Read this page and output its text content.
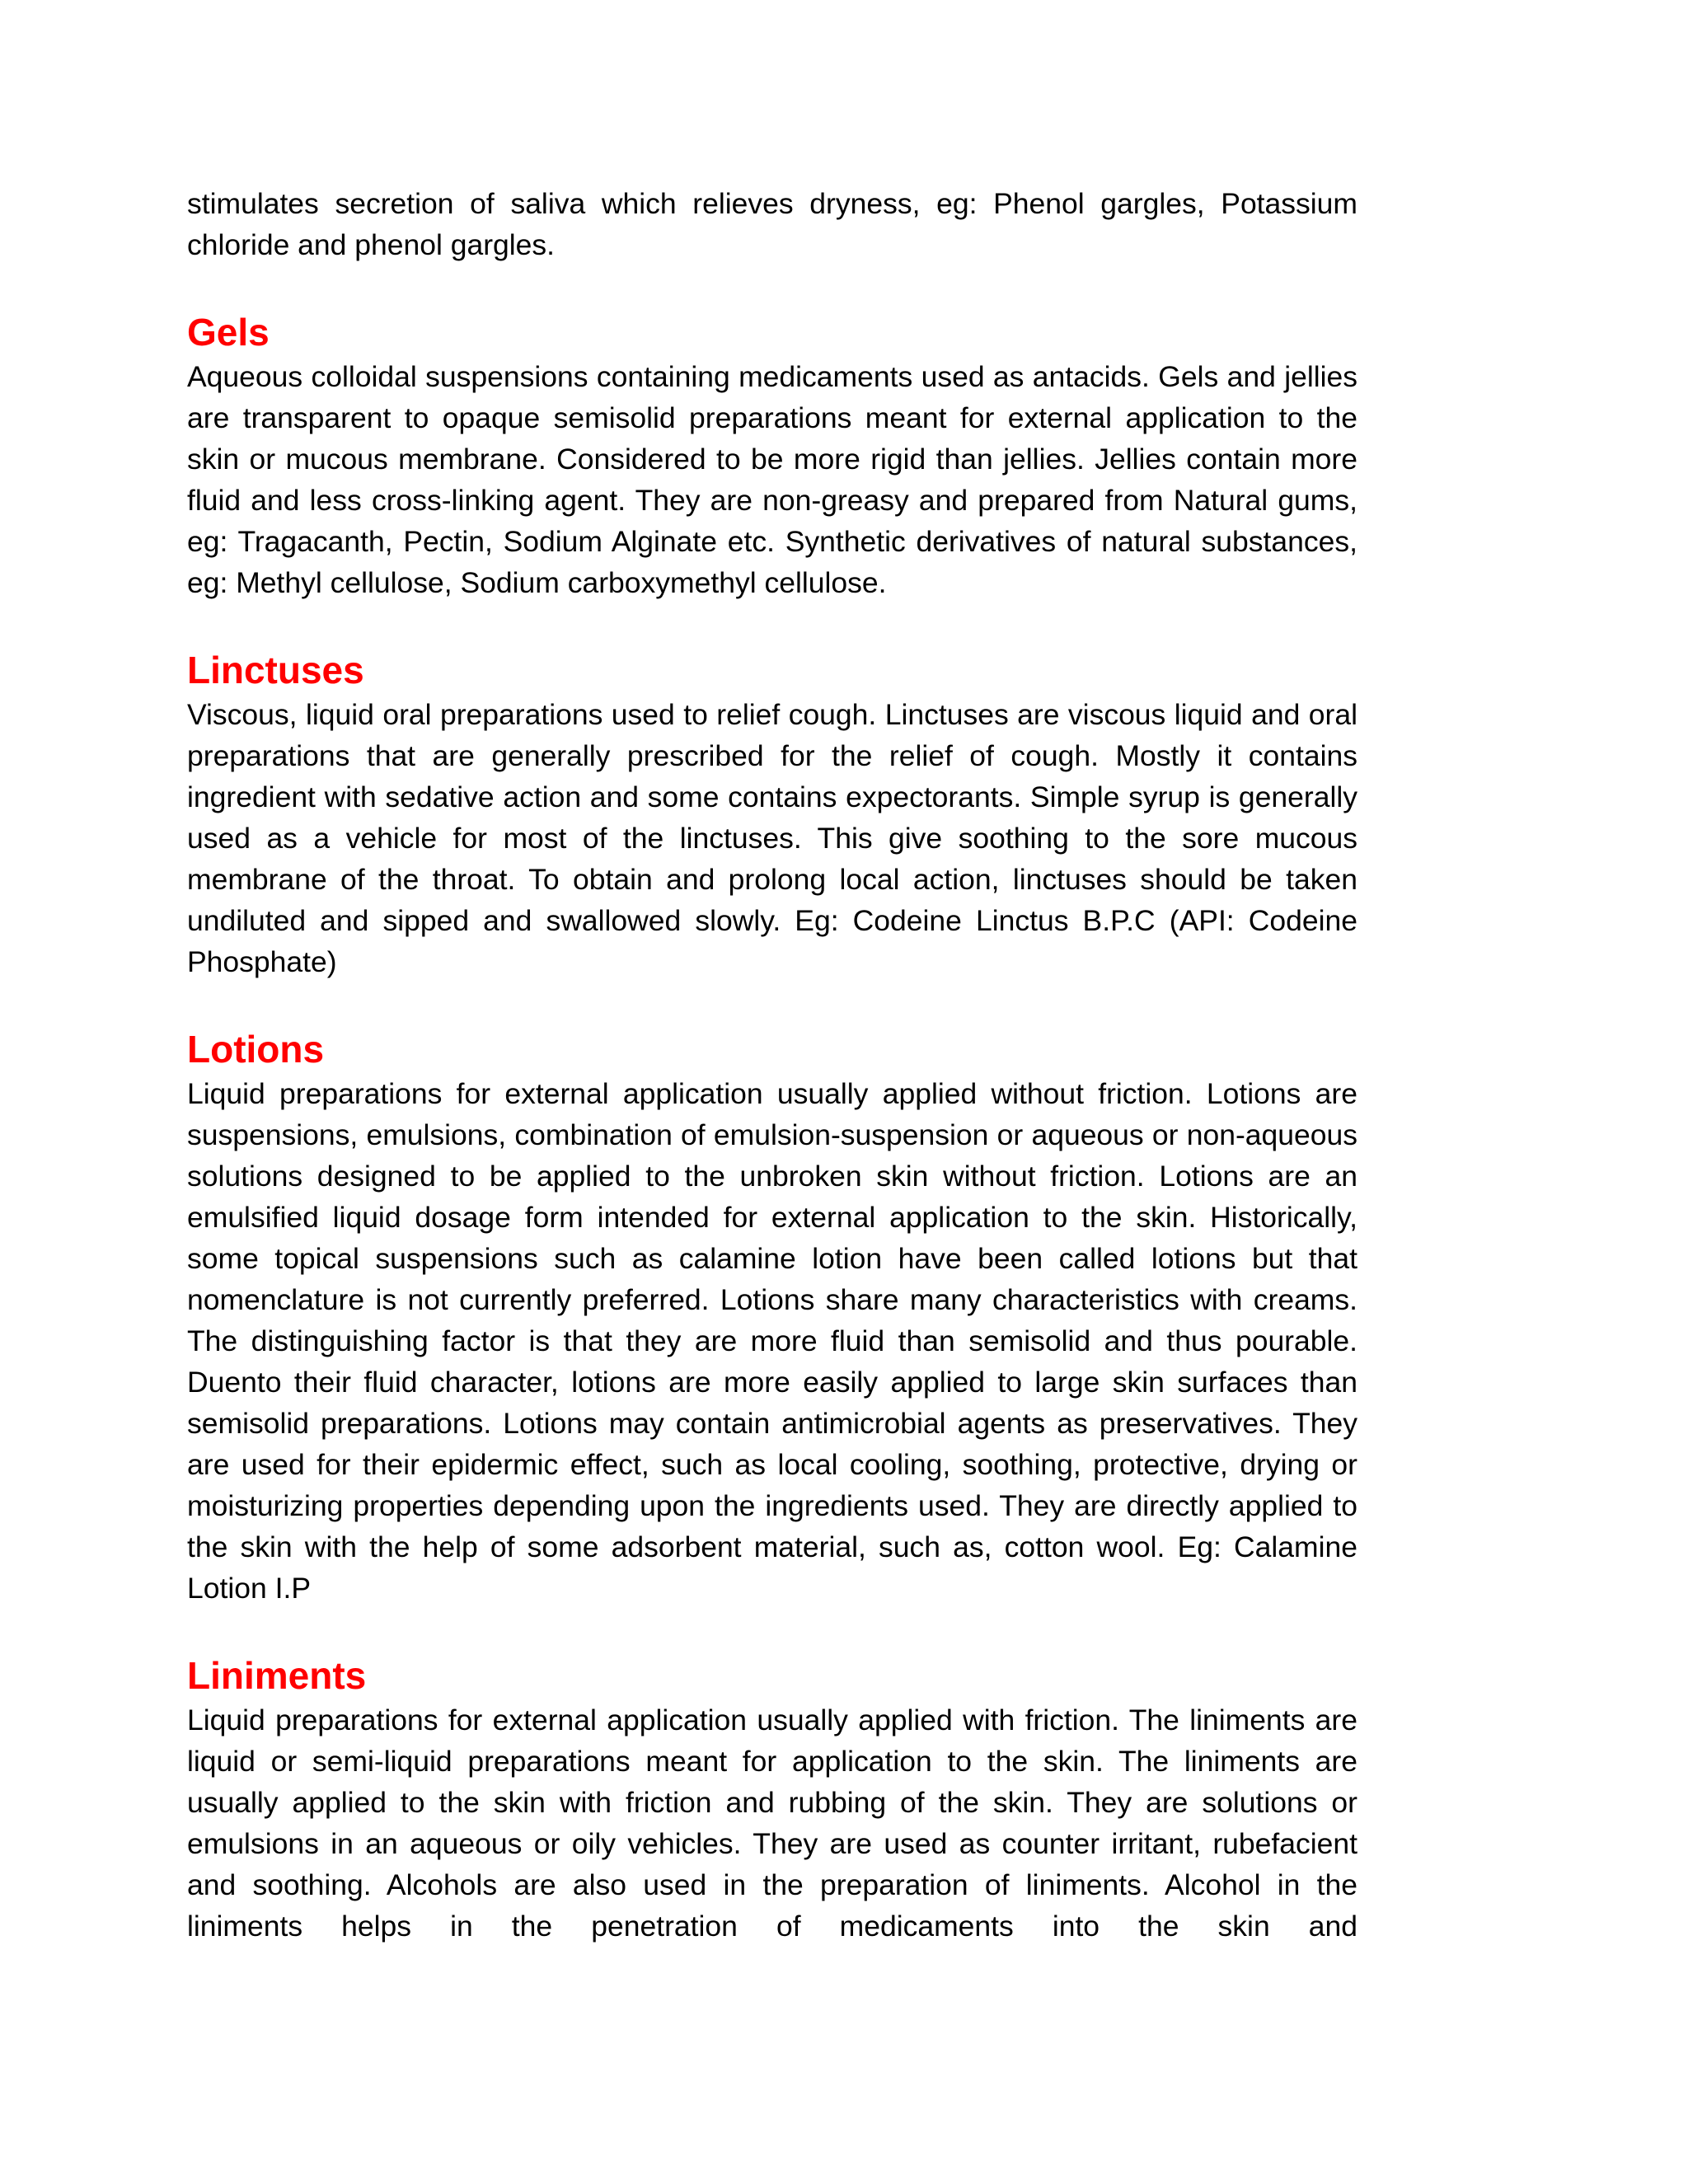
stimulates secretion of saliva which relieves dryness, eg: Phenol gargles, Potassium chloride and phenol gargles.

Gels

Aqueous colloidal suspensions containing medicaments used as antacids. Gels and jellies are transparent to opaque semisolid preparations meant for external application to the skin or mucous membrane. Considered to be more rigid than jellies. Jellies contain more fluid and less cross-linking agent. They are non-greasy and prepared from Natural gums, eg: Tragacanth, Pectin, Sodium Alginate etc. Synthetic derivatives of natural substances, eg: Methyl cellulose, Sodium carboxymethyl cellulose.

Linctuses

Viscous, liquid oral preparations used to relief cough. Linctuses are viscous liquid and oral preparations that are generally prescribed for the relief of cough. Mostly it contains ingredient with sedative action and some contains expectorants. Simple syrup is generally used as a vehicle for most of the linctuses. This give soothing to the sore mucous membrane of the throat. To obtain and prolong local action, linctuses should be taken undiluted and sipped and swallowed slowly. Eg: Codeine Linctus B.P.C (API: Codeine Phosphate)

Lotions

Liquid preparations for external application usually applied without friction. Lotions are suspensions, emulsions, combination of emulsion-suspension or aqueous or non-aqueous solutions designed to be applied to the unbroken skin without friction. Lotions are an emulsified liquid dosage form intended for external application to the skin. Historically, some topical suspensions such as calamine lotion have been called lotions but that nomenclature is not currently preferred. Lotions share many characteristics with creams. The distinguishing factor is that they are more fluid than semisolid and thus pourable. Duento their fluid character, lotions are more easily applied to large skin surfaces than semisolid preparations. Lotions may contain antimicrobial agents as preservatives. They are used for their epidermic effect, such as local cooling, soothing, protective, drying or moisturizing properties depending upon the ingredients used. They are directly applied to the skin with the help of some adsorbent material, such as, cotton wool. Eg: Calamine Lotion I.P

Liniments

Liquid preparations for external application usually applied with friction. The liniments are liquid or semi-liquid preparations meant for application to the skin. The liniments are usually applied to the skin with friction and rubbing of the skin. They are solutions or emulsions in an aqueous or oily vehicles. They are used as counter irritant, rubefacient and soothing. Alcohols are also used in the preparation of liniments. Alcohol in the liniments helps in the penetration of medicaments into the skin and
